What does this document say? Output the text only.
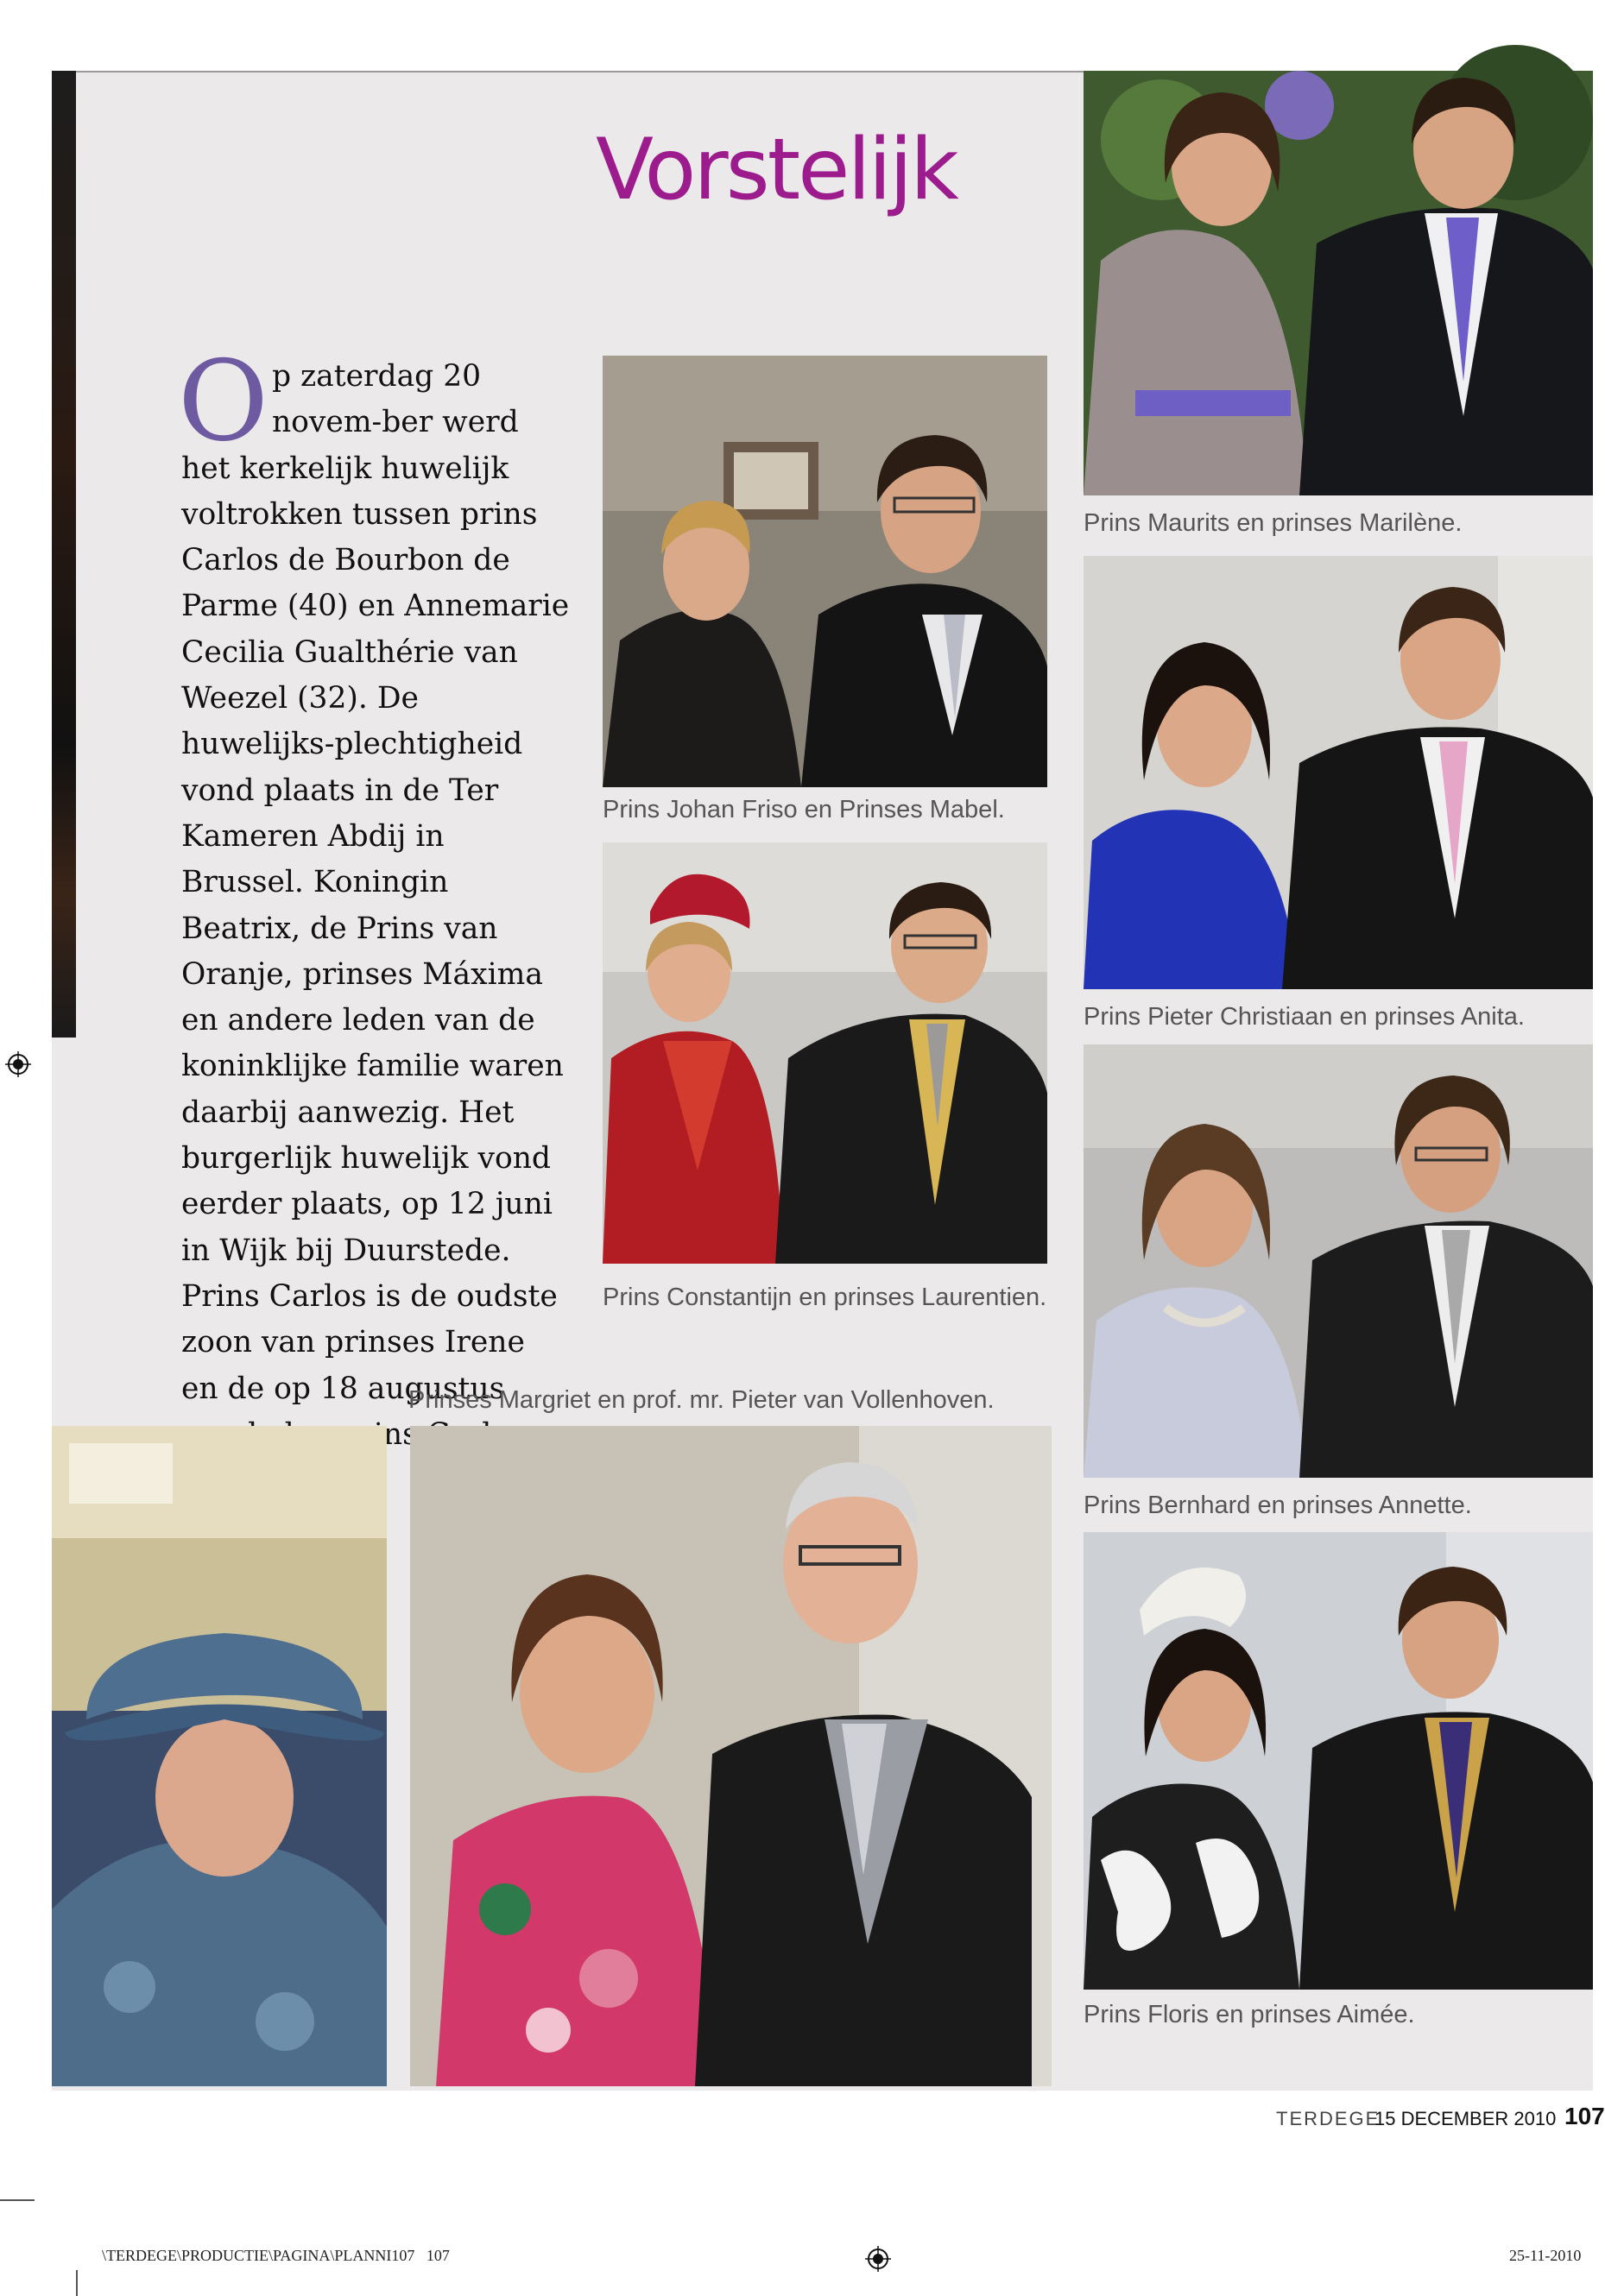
Vorstelijk
Op zaterdag 20 novem-ber werd het kerkelijk huwelijk voltrokken tussen prins Carlos de Bourbon de Parme (40) en Annemarie Cecilia Gualthérie van Weezel (32). De huwelijks-plechtigheid vond plaats in de Ter Kameren Abdij in Brussel. Koningin Beatrix, de Prins van Oranje, prinses Máxima en andere leden van de koninklijke familie waren daarbij aanwezig. Het burgerlijk huwelijk vond eerder plaats, op 12 juni in Wijk bij Duurstede. Prins Carlos is de oudste zoon van prinses Irene en de op 18 augustus
Prins Johan Friso en Prinses Mabel.
Prins Constantijn en prinses Laurentien.
Prins Maurits en prinses Marilène.
Prins Pieter Christiaan en prinses Anita.
Prins Bernhard en prinses Annette.
Prins Floris en prinses Aimée.
Prinses Margriet en prof. mr. Pieter van Vollenhoven.
TERDEGE
15 DECEMBER 2010 107
\TERDEGE\PRODUCTIE\PAGINA\PLANNI107   107	25-11-2010
